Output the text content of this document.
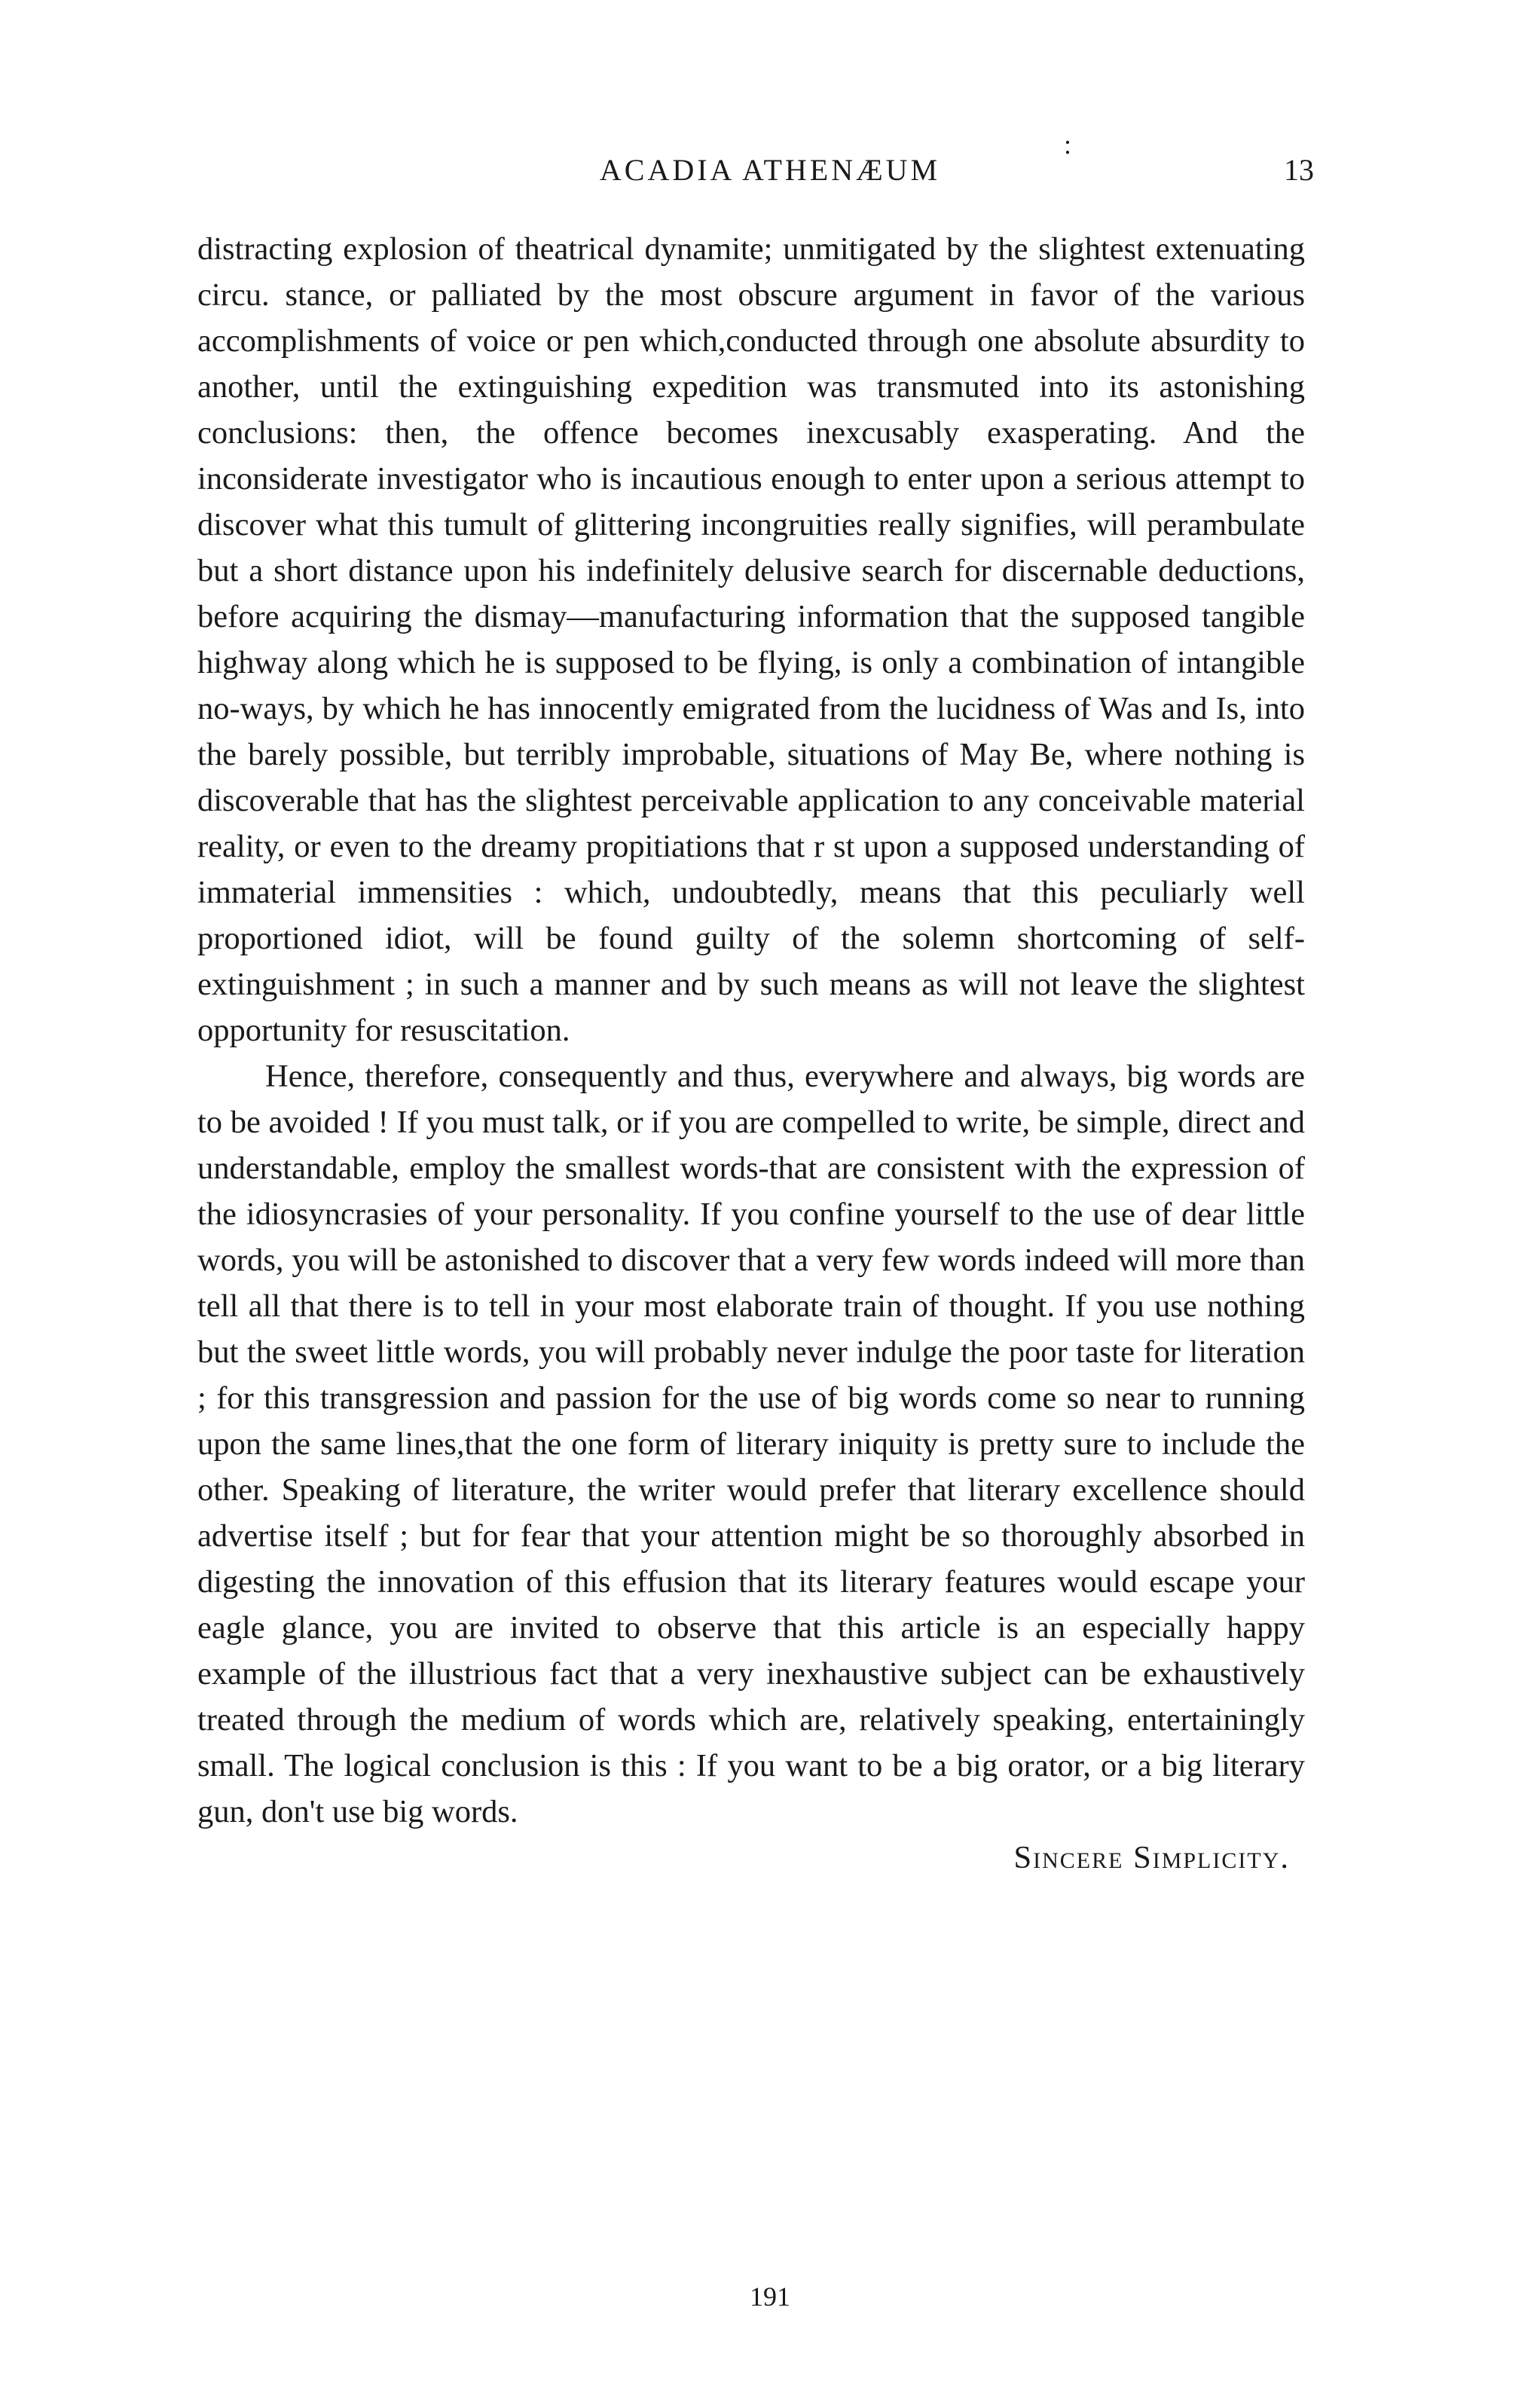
ACADIA ATHENÆUM	13
:

distracting explosion of theatrical dynamite; unmitigated by the slightest extenuating circu. stance, or palliated by the most obscure argument in favor of the various accomplishments of voice or pen which,conducted through one absolute absurdity to another, until the extinguishing expedition was transmuted into its astonishing conclusions: then, the offence becomes inexcusably exasperating. And the inconsiderate investigator who is incautious enough to enter upon a serious attempt to discover what this tumult of glittering incongruities really signifies, will perambulate but a short distance upon his indefinitely delusive search for discernable deductions, before acquiring the dismay—manufacturing information that the supposed tangible highway along which he is supposed to be flying, is only a combination of intangible no-ways, by which he has innocently emigrated from the lucidness of Was and Is, into the barely possible, but terribly improbable, situations of May Be, where nothing is discoverable that has the slightest perceivable application to any conceivable material reality, or even to the dreamy propitiations that r st upon a supposed understanding of immaterial immensities : which, undoubtedly, means that this peculiarly well proportioned idiot, will be found guilty of the solemn shortcoming of self-extinguishment ; in such a manner and by such means as will not leave the slightest opportunity for resuscitation.

Hence, therefore, consequently and thus, everywhere and always, big words are to be avoided ! If you must talk, or if you are compelled to write, be simple, direct and understandable, employ the smallest words-that are consistent with the expression of the idiosyncrasies of your personality. If you confine yourself to the use of dear little words, you will be astonished to discover that a very few words indeed will more than tell all that there is to tell in your most elaborate train of thought. If you use nothing but the sweet little words, you will probably never indulge the poor taste for literation ; for this transgression and passion for the use of big words come so near to running upon the same lines,that the one form of literary iniquity is pretty sure to include the other. Speaking of literature, the writer would prefer that literary excellence should advertise itself ; but for fear that your attention might be so thoroughly absorbed in digesting the innovation of this effusion that its literary features would escape your eagle glance, you are invited to observe that this article is an especially happy example of the illustrious fact that a very inexhaustive subject can be exhaustively treated through the medium of words which are, relatively speaking, entertainingly small. The logical conclusion is this : If you want to be a big orator, or a big literary gun, don't use big words.

Sincere Simplicity.

191
